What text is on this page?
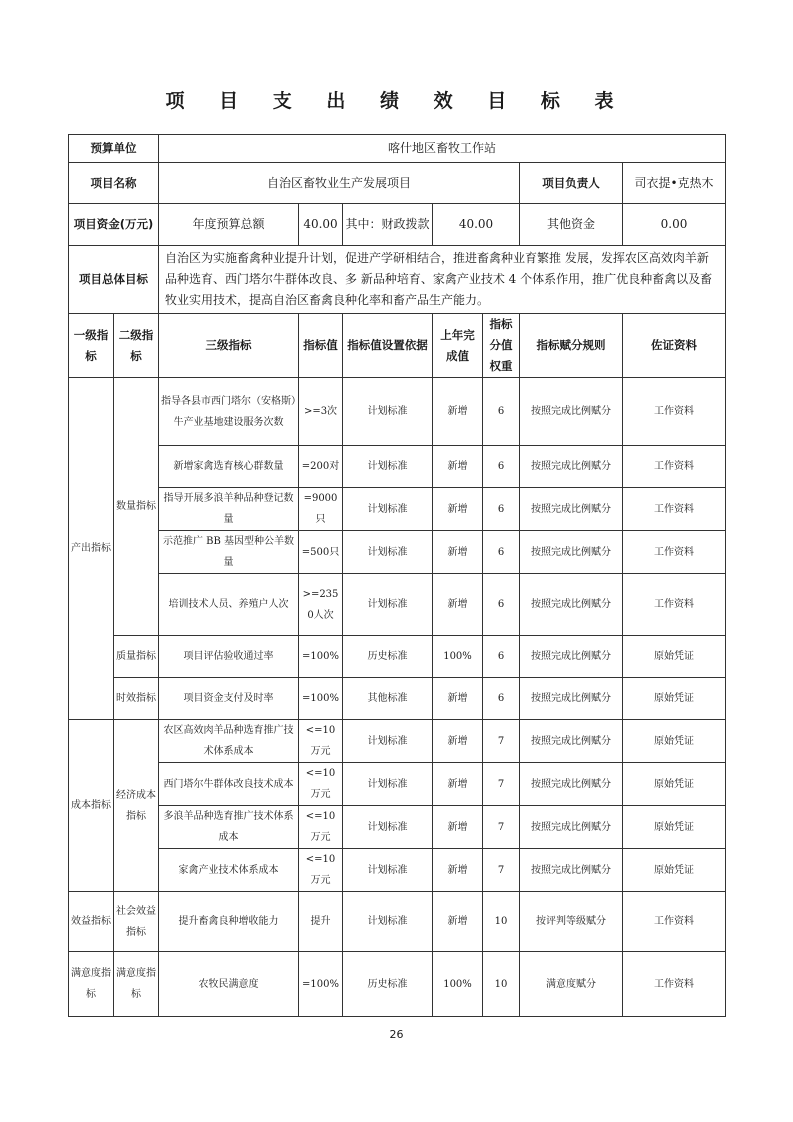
项 目 支 出 绩 效 目 标 表
预算单位		喀什地区畜牧工作站						
项目名称		自治区畜牧业生产发展项目					项目负责人	司衣提•克热木
项目资金(万元)		年度预算总额	40.00	其中：财政拨款	40.00		其他资金	0.00
项目总体目标		自治区为实施畜禽种业提升计划，促进产学研相结合，推进畜禽种业育繁推 发展，发挥农区高效肉羊新品种选育、西门塔尔牛群体改良、多 新品种培育、家禽产业技术 4 个体系作用，推广优良种畜禽以及畜牧业实用技术，提高自治区畜禽良种化率和畜产品生产能力。						
一级指标	二级指标	三级指标	指标值	指标值设置依据	上年完成值	指标分值权重	指标赋分规则	佐证资料
产出指标	数量指标	指导各县市西门塔尔（安格斯）牛产业基地建设服务次数	>=3次	计划标准	新增	6	按照完成比例赋分	工作资料
		新增家禽选育核心群数量	=200对	计划标准	新增	6	按照完成比例赋分	工作资料
		指导开展多浪羊种品种登记数量	=9000只	计划标准	新增	6	按照完成比例赋分	工作资料
		示范推广 BB 基因型种公羊数量	=500只	计划标准	新增	6	按照完成比例赋分	工作资料
		培训技术人员、养殖户人次	>=2350人次	计划标准	新增	6	按照完成比例赋分	工作资料
	质量指标	项目评估验收通过率	=100%	历史标准	100%	6	按照完成比例赋分	原始凭证
	时效指标	项目资金支付及时率	=100%	其他标准	新增	6	按照完成比例赋分	原始凭证
成本指标	经济成本指标	农区高效肉羊品种选育推广技术体系成本	<=10万元	计划标准	新增	7	按照完成比例赋分	原始凭证
		西门塔尔牛群体改良技术成本	<=10万元	计划标准	新增	7	按照完成比例赋分	原始凭证
		多浪羊品种选育推广技术体系成本	<=10万元	计划标准	新增	7	按照完成比例赋分	原始凭证
		家禽产业技术体系成本	<=10万元	计划标准	新增	7	按照完成比例赋分	原始凭证
效益指标	社会效益指标	提升畜禽良种增收能力	提升	计划标准	新增	10	按评判等级赋分	工作资料
满意度指标	满意度指标	农牧民满意度	=100%	历史标准	100%	10	满意度赋分	工作资料
26
